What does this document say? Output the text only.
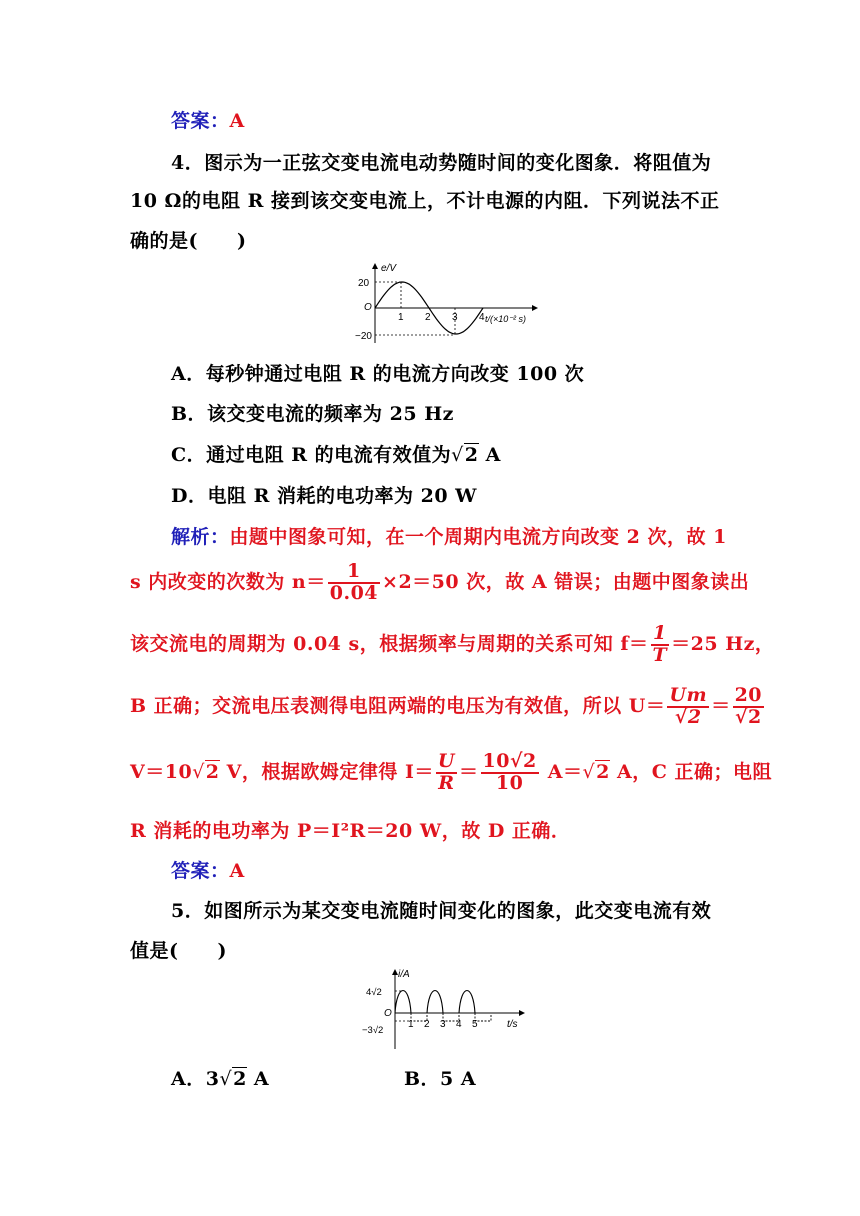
答案：A
4．图示为一正弦交变电流电动势随时间的变化图象．将阻值为
10 Ω的电阻 R 接到该交变电流上，不计电源的内阻．下列说法不正
确的是(　　)
e/V
20
−20
O
1 2 3 4 t/(×10⁻² s)
A．每秒钟通过电阻 R 的电流方向改变 100 次
B．该交变电流的频率为 25 Hz
C．通过电阻 R 的电流有效值为√2 A
D．电阻 R 消耗的电功率为 20 W
解析：由题中图象可知，在一个周期内电流方向改变 2 次，故 1
s 内改变的次数为 $n= \frac{1}{0.04} \times 2=50$ 次，故 A 错误；由题中图象读出
该交流电的周期为 0.04 s，根据频率与周期的关系可知 $f= \frac{1}{T} =25$ Hz，
B 正确；交流电压表测得电阻两端的电压为有效值，所以 $U= \frac{Um}{√2} = \frac{20}{√2}$
V＝10√2 V，根据欧姆定律得 $I= \frac{U}{R} = \frac{10√2}{10} A=√2$ A，C 正确；电阻
R 消耗的电功率为 P＝I²R＝20 W，故 D 正确．
答案：A
5．如图所示为某交变电流随时间变化的图象，此交变电流有效
值是(　　)
i/A
4√2
−3√2
O
1 2 3 4 5	t/s
A．3√2 A	B．5 A
